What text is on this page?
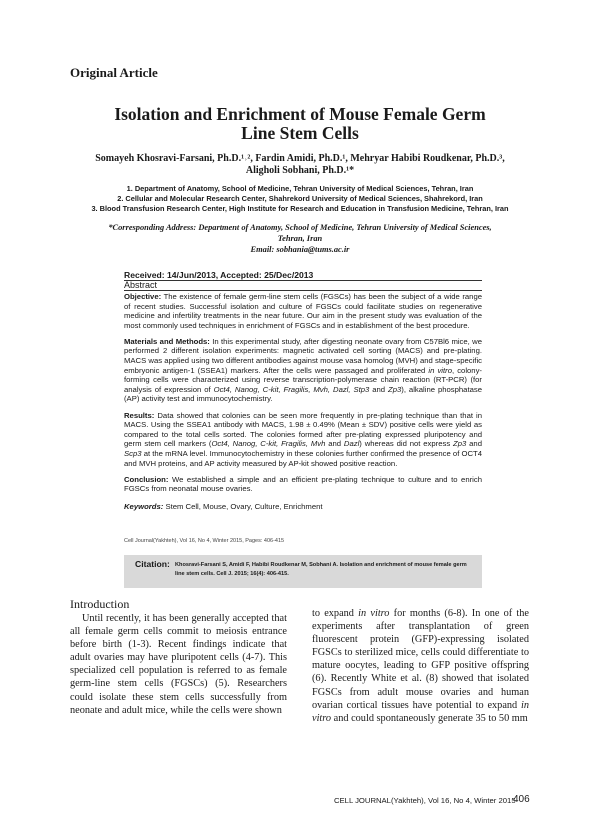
Original Article
Isolation and Enrichment of Mouse Female Germ
Line Stem Cells
Somayeh Khosravi-Farsani, Ph.D.¹˒², Fardin Amidi, Ph.D.¹, Mehryar Habibi Roudkenar, Ph.D.³,
Aligholi Sobhani, Ph.D.¹*
1. Department of Anatomy, School of Medicine, Tehran University of Medical Sciences, Tehran, Iran
2. Cellular and Molecular Research Center, Shahrekord University of Medical Sciences, Shahrekord, Iran
3. Blood Transfusion Research Center, High Institute for Research and Education in Transfusion Medicine, Tehran, Iran
*Corresponding Address: Department of Anatomy, School of Medicine, Tehran University of Medical Sciences,
Tehran, Iran
Email: sobhania@tums.ac.ir
Received: 14/Jun/2013, Accepted: 25/Dec/2013
Abstract

Objective: The existence of female germ-line stem cells (FGSCs) has been the subject of a wide range of recent studies. Successful isolation and culture of FGSCs could facilitate studies on regenerative medicine and infertility treatments in the near future. Our aim in the present study was evaluation of the most commonly used techniques in enrichment of FGSCs and in establishment of the best procedure.

Materials and Methods: In this experimental study, after digesting neonate ovary from C57Bl6 mice, we performed 2 different isolation experiments: magnetic activated cell sorting (MACS) and pre-plating. MACS was applied using two different antibodies against mouse vasa homolog (MVH) and stage-specific embryonic antigen-1 (SSEA1) markers. After the cells were passaged and proliferated in vitro, colony-forming cells were characterized using reverse transcription-polymerase chain reaction (RT-PCR) (for analysis of expression of Oct4, Nanog, C-kit, Fragilis, Mvh, Dazl, Stp3 and Zp3), alkaline phosphatase (AP) activity test and immunocytochemistry.

Results: Data showed that colonies can be seen more frequently in pre-plating technique than that in MACS. Using the SSEA1 antibody with MACS, 1.98 ± 0.49% (Mean ± SDV) positive cells were yield as compared to the total cells sorted. The colonies formed after pre-plating expressed pluripotency and germ stem cell markers (Oct4, Nanog, C-kit, Fragilis, Mvh and Dazl) whereas did not express Zp3 and Scp3 at the mRNA level. Immunocytochemistry in these colonies further confirmed the presence of OCT4 and MVH proteins, and AP activity measured by AP-kit showed positive reaction.

Conclusion: We established a simple and an efficient pre-plating technique to culture and to enrich FGSCs from neonatal mouse ovaries.

Keywords: Stem Cell, Mouse, Ovary, Culture, Enrichment

Cell Journal(Yakhteh), Vol 16, No 4, Winter 2015, Pages: 406-415
Citation: Khosravi-Farsani S, Amidi F, Habibi Roudkenar M, Sobhani A. Isolation and enrichment of mouse female germ line stem cells. Cell J. 2015; 16(4): 406-415.
Introduction

Until recently, it has been generally accepted that all female germ cells commit to meiosis entrance before birth (1-3). Recent findings indicate that adult ovaries may have pluripotent cells (4-7). This specialized cell population is referred to as female germ-line stem cells (FGSCs) (5). Researchers could isolate these stem cells successfully from neonate and adult mice, while the cells were shown

to expand in vitro for months (6-8). In one of the experiments after transplantation of green fluorescent protein (GFP)-expressing isolated FGSCs to sterilized mice, cells could differentiate to mature oocytes, leading to GFP positive offspring (6). Recently White et al. (8) showed that isolated FGSCs from adult mouse ovaries and human ovarian cortical tissues have potential to expand in vitro and could spontaneously generate 35 to 50 mm

CELL JOURNAL(Yakhteh), Vol 16, No 4, Winter 2015
406
